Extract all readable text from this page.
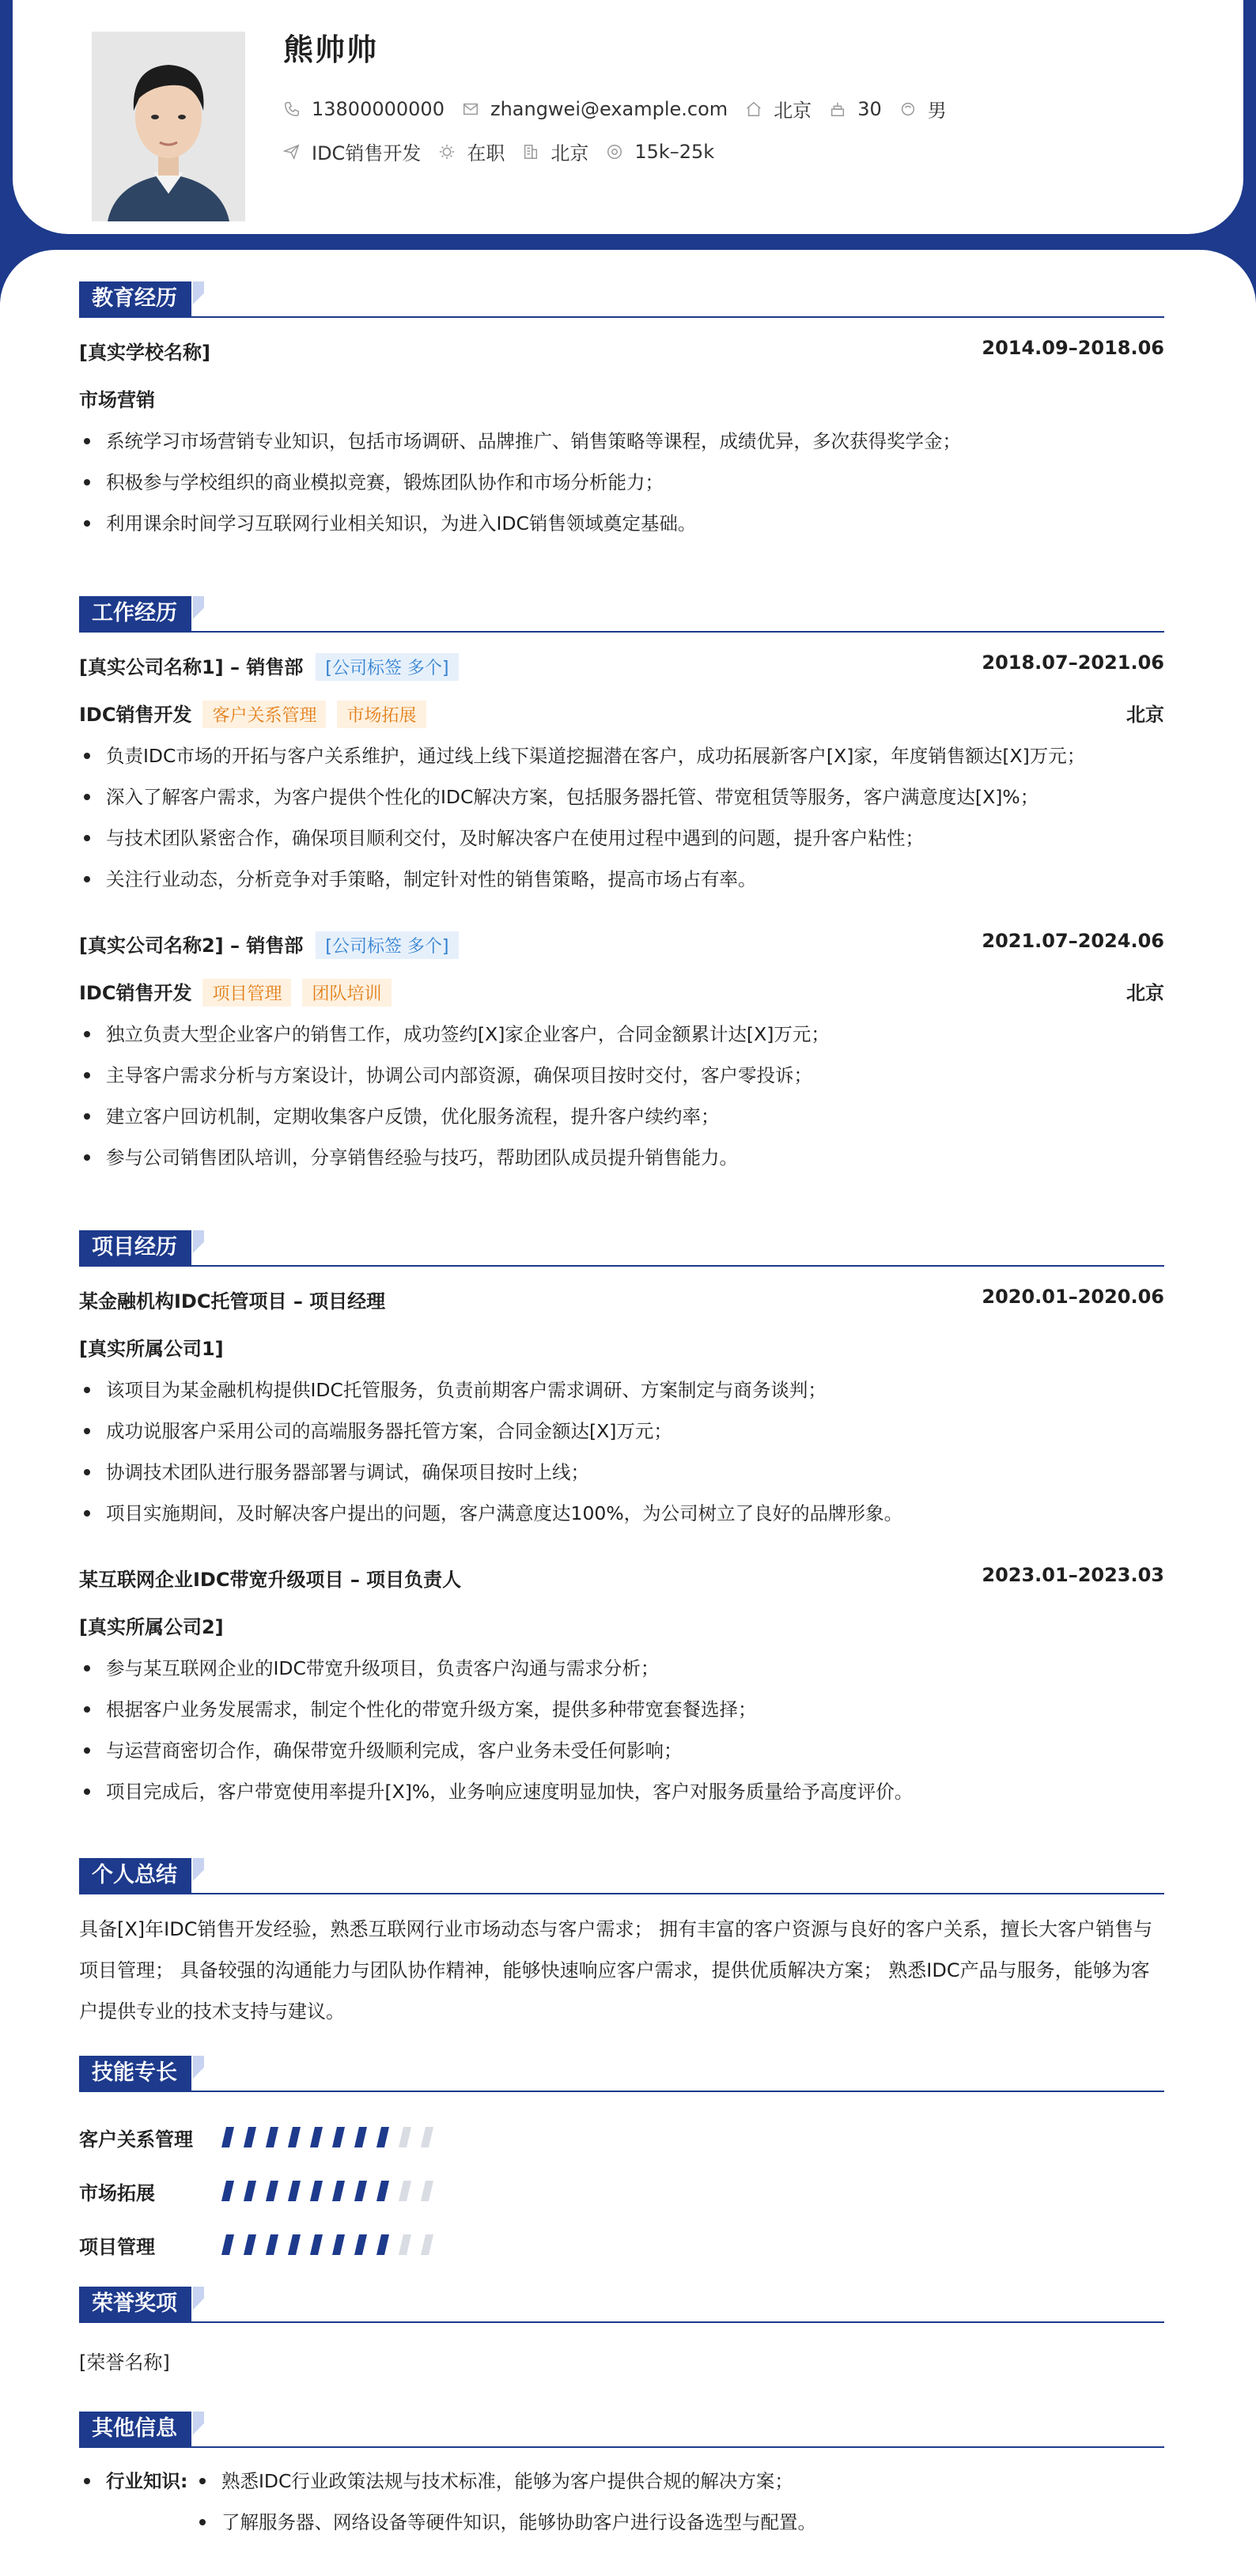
熊帅帅
13800000000 zhangwei@example.com 北京 30 男
IDC销售开发 在职 北京 15k–25k
教育经历
[真实学校名称]	2014.09–2018.06
市场营销
系统学习市场营销专业知识，包括市场调研、品牌推广、销售策略等课程，成绩优异，多次获得奖学金；
积极参与学校组织的商业模拟竞赛，锻炼团队协作和市场分析能力；
利用课余时间学习互联网行业相关知识，为进入IDC销售领域奠定基础。
工作经历
[真实公司名称1] – 销售部 [公司标签 多个]	2018.07–2021.06
IDC销售开发 客户关系管理 市场拓展	北京
负责IDC市场的开拓与客户关系维护，通过线上线下渠道挖掘潜在客户，成功拓展新客户[X]家，年度销售额达[X]万元；
深入了解客户需求，为客户提供个性化的IDC解决方案，包括服务器托管、带宽租赁等服务，客户满意度达[X]%；
与技术团队紧密合作，确保项目顺利交付，及时解决客户在使用过程中遇到的问题，提升客户粘性；
关注行业动态，分析竞争对手策略，制定针对性的销售策略，提高市场占有率。
[真实公司名称2] – 销售部 [公司标签 多个]	2021.07–2024.06
IDC销售开发 项目管理 团队培训	北京
独立负责大型企业客户的销售工作，成功签约[X]家企业客户，合同金额累计达[X]万元；
主导客户需求分析与方案设计，协调公司内部资源，确保项目按时交付，客户零投诉；
建立客户回访机制，定期收集客户反馈，优化服务流程，提升客户续约率；
参与公司销售团队培训，分享销售经验与技巧，帮助团队成员提升销售能力。
项目经历
某金融机构IDC托管项目 – 项目经理	2020.01–2020.06
[真实所属公司1]
该项目为某金融机构提供IDC托管服务，负责前期客户需求调研、方案制定与商务谈判；
成功说服客户采用公司的高端服务器托管方案，合同金额达[X]万元；
协调技术团队进行服务器部署与调试，确保项目按时上线；
项目实施期间，及时解决客户提出的问题，客户满意度达100%，为公司树立了良好的品牌形象。
某互联网企业IDC带宽升级项目 – 项目负责人	2023.01–2023.03
[真实所属公司2]
参与某互联网企业的IDC带宽升级项目，负责客户沟通与需求分析；
根据客户业务发展需求，制定个性化的带宽升级方案，提供多种带宽套餐选择；
与运营商密切合作，确保带宽升级顺利完成，客户业务未受任何影响；
项目完成后，客户带宽使用率提升[X]%，业务响应速度明显加快，客户对服务质量给予高度评价。
个人总结
具备[X]年IDC销售开发经验，熟悉互联网行业市场动态与客户需求； 拥有丰富的客户资源与良好的客户关系，擅长大客户销售与
项目管理； 具备较强的沟通能力与团队协作精神，能够快速响应客户需求，提供优质解决方案； 熟悉IDC产品与服务，能够为客
户提供专业的技术支持与建议。
技能专长
客户关系管理
市场拓展
项目管理
荣誉奖项
[荣誉名称]
其他信息
行业知识:	熟悉IDC行业政策法规与技术标准，能够为客户提供合规的解决方案；
了解服务器、网络设备等硬件知识，能够协助客户进行设备选型与配置。
